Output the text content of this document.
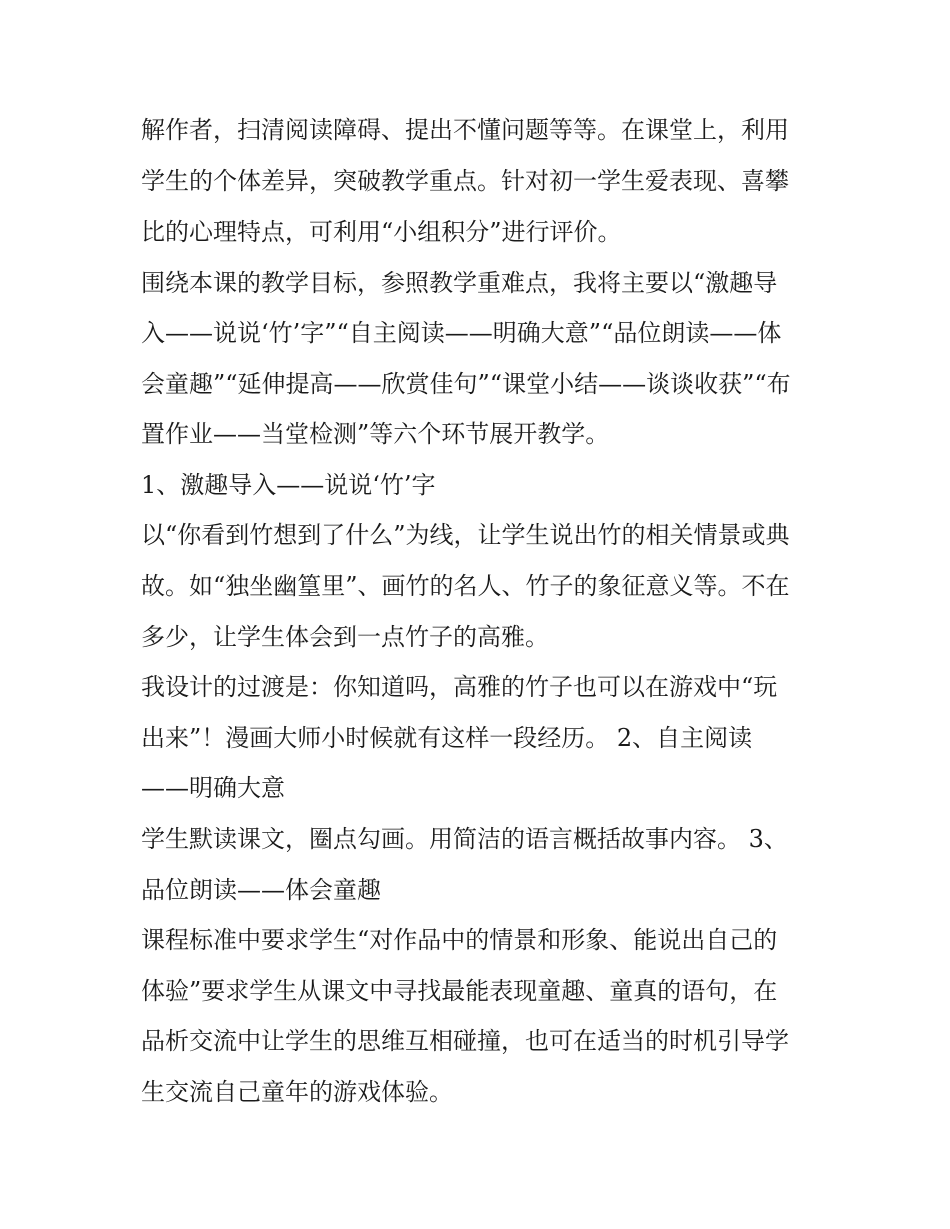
解作者，扫清阅读障碍、提出不懂问题等等。在课堂上，利用
学生的个体差异，突破教学重点。针对初一学生爱表现、喜攀
比的心理特点，可利用“小组积分”进行评价。
围绕本课的教学目标，参照教学重难点，我将主要以“激趣导
入——说说‘竹’字”“自主阅读——明确大意”“品位朗读——体
会童趣”“延伸提高——欣赏佳句”“课堂小结——谈谈收获”“布
置作业——当堂检测”等六个环节展开教学。
1、激趣导入——说说‘竹’字
以“你看到竹想到了什么”为线，让学生说出竹的相关情景或典
故。如“独坐幽篁里”、画竹的名人、竹子的象征意义等。不在
多少，让学生体会到一点竹子的高雅。
我设计的过渡是：你知道吗，高雅的竹子也可以在游戏中“玩
出来”！漫画大师小时候就有这样一段经历。 2、自主阅读
——明确大意
学生默读课文，圈点勾画。用简洁的语言概括故事内容。 3、
品位朗读——体会童趣
课程标准中要求学生“对作品中的情景和形象、能说出自己的
体验”要求学生从课文中寻找最能表现童趣、童真的语句，在
品析交流中让学生的思维互相碰撞，也可在适当的时机引导学
生交流自己童年的游戏体验。
